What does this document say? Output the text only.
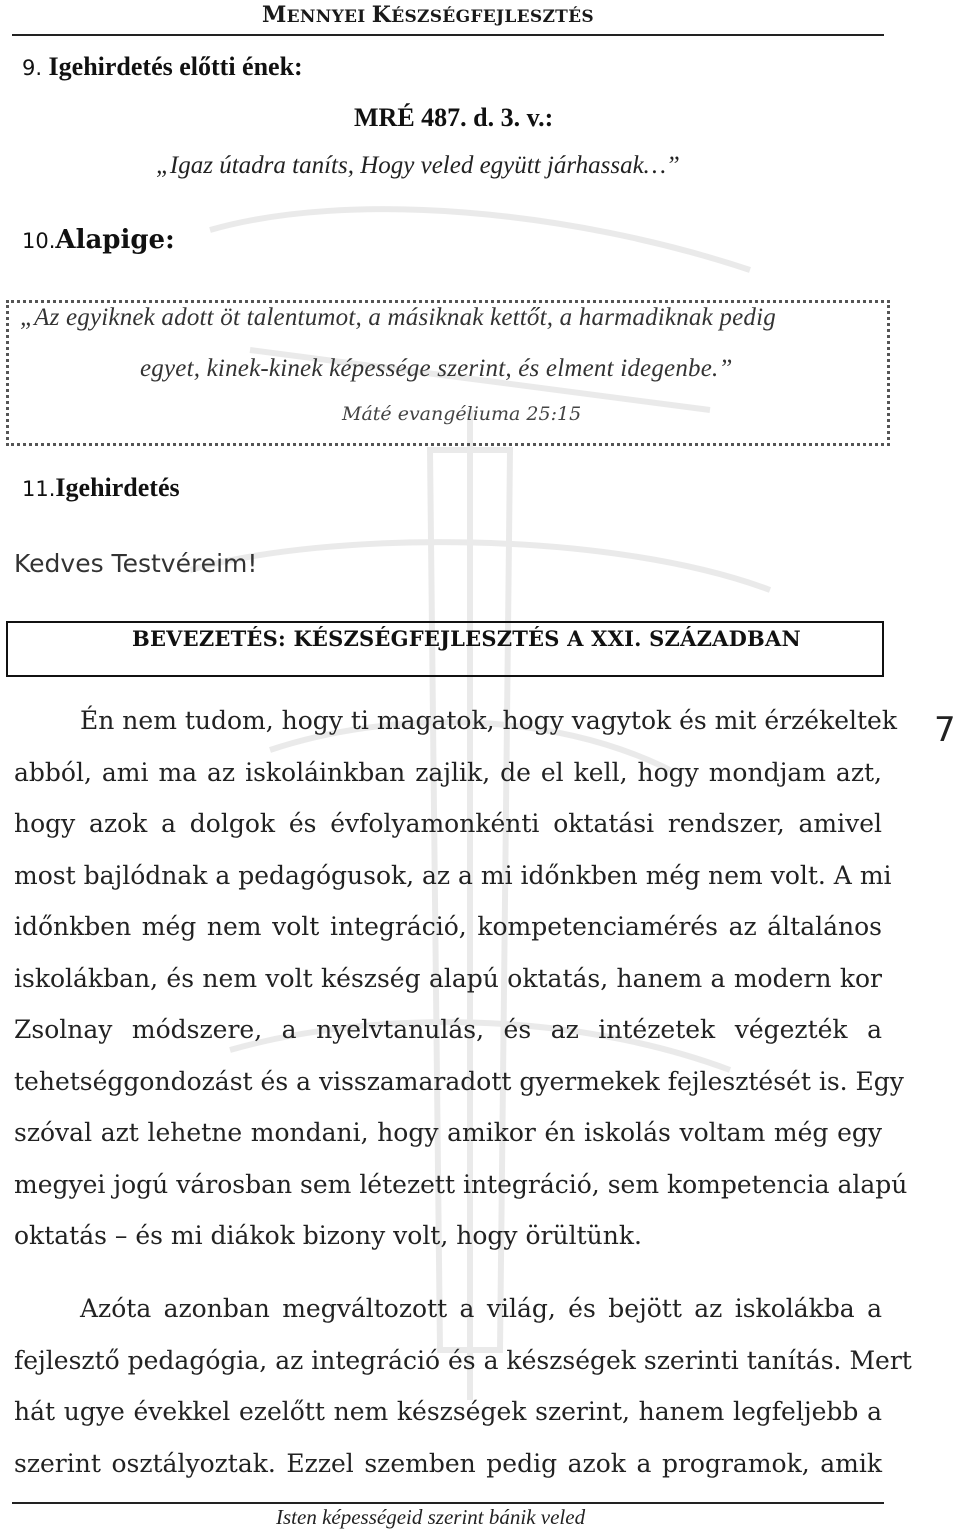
MENNYEI KÉSZSÉGFEJLESZTÉS
9. Igehirdetés előtti ének:
MRÉ 487. d. 3. v.:
„Igaz útadra taníts, Hogy veled együtt járhassak…”
10.Alapige:
„Az egyiknek adott öt talentumot, a másiknak kettőt, a harmadiknak pedig
egyet, kinek-kinek képessége szerint, és elment idegenbe.”
Máté evangéliuma 25:15
11.Igehirdetés
Kedves Testvéreim!
BEVEZETÉS: KÉSZSÉGFEJLESZTÉS A XXI. SZÁZADBAN
7
Én nem tudom, hogy ti magatok, hogy vagytok és mit érzékeltek
abból, ami ma az iskoláinkban zajlik, de el kell, hogy mondjam azt,
hogy azok a dolgok és évfolyamonkénti oktatási rendszer, amivel
most bajlódnak a pedagógusok, az a mi időnkben még nem volt. A mi
időnkben még nem volt integráció, kompetenciamérés az általános
iskolákban, és nem volt készség alapú oktatás, hanem a modern kor
Zsolnay módszere, a nyelvtanulás, és az intézetek végezték a
tehetséggondozást és a visszamaradott gyermekek fejlesztését is. Egy
szóval azt lehetne mondani, hogy amikor én iskolás voltam még egy
megyei jogú városban sem létezett integráció, sem kompetencia alapú
oktatás – és mi diákok bizony volt, hogy örültünk.
Azóta azonban megváltozott a világ, és bejött az iskolákba a
fejlesztő pedagógia, az integráció és a készségek szerinti tanítás. Mert
hát ugye évekkel ezelőtt nem készségek szerint, hanem legfeljebb a
szerint osztályoztak. Ezzel szemben pedig azok a programok, amik
Isten képességeid szerint bánik veled
